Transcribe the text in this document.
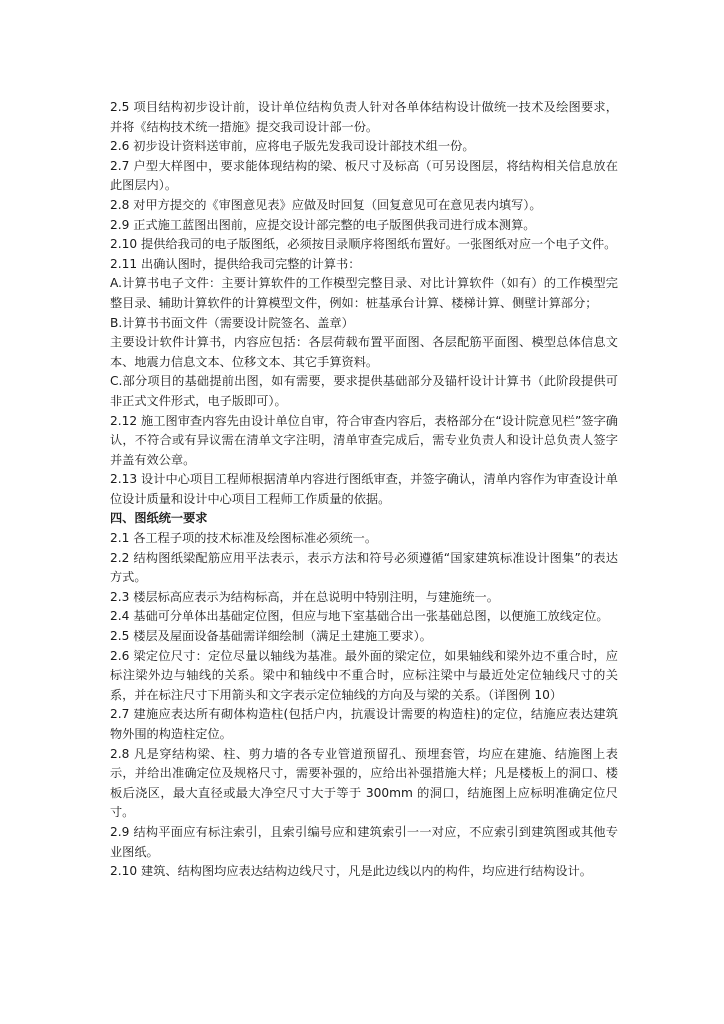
2.5 项目结构初步设计前，设计单位结构负责人针对各单体结构设计做统一技术及绘图要求，并将《结构技术统一措施》提交我司设计部一份。

2.6 初步设计资料送审前，应将电子版先发我司设计部技术组一份。

2.7 户型大样图中，要求能体现结构的梁、板尺寸及标高（可另设图层，将结构相关信息放在此图层内）。

2.8 对甲方提交的《审图意见表》应做及时回复（回复意见可在意见表内填写）。

2.9 正式施工蓝图出图前，应提交设计部完整的电子版图供我司进行成本测算。

2.10 提供给我司的电子版图纸，必须按目录顺序将图纸布置好。一张图纸对应一个电子文件。

2.11 出确认图时，提供给我司完整的计算书：

A.计算书电子文件：主要计算软件的工作模型完整目录、对比计算软件（如有）的工作模型完整目录、辅助计算软件的计算模型文件，例如：桩基承台计算、楼梯计算、侧壁计算部分；

B.计算书书面文件（需要设计院签名、盖章）

主要设计软件计算书，内容应包括：各层荷载布置平面图、各层配筋平面图、模型总体信息文本、地震力信息文本、位移文本、其它手算资料。

C.部分项目的基础提前出图，如有需要，要求提供基础部分及锚杆设计计算书（此阶段提供可非正式文件形式，电子版即可）。

2.12 施工图审查内容先由设计单位自审，符合审查内容后，表格部分在“设计院意见栏”签字确认，不符合或有异议需在清单文字注明，清单审查完成后，需专业负责人和设计总负责人签字并盖有效公章。

2.13 设计中心项目工程师根据清单内容进行图纸审查，并签字确认，清单内容作为审查设计单位设计质量和设计中心项目工程师工作质量的依据。

四、图纸统一要求

2.1 各工程子项的技术标准及绘图标准必须统一。

2.2 结构图纸梁配筋应用平法表示，表示方法和符号必须遵循“国家建筑标准设计图集”的表达方式。

2.3 楼层标高应表示为结构标高，并在总说明中特别注明，与建施统一。

2.4 基础可分单体出基础定位图，但应与地下室基础合出一张基础总图，以便施工放线定位。

2.5 楼层及屋面设备基础需详细绘制（满足土建施工要求）。

2.6 梁定位尺寸：定位尽量以轴线为基准。最外面的梁定位，如果轴线和梁外边不重合时，应标注梁外边与轴线的关系。梁中和轴线中不重合时，应标注梁中与最近处定位轴线尺寸的关系，并在标注尺寸下用箭头和文字表示定位轴线的方向及与梁的关系。（详图例 10）

2.7 建施应表达所有砌体构造柱(包括户内，抗震设计需要的构造柱)的定位，结施应表达建筑物外围的构造柱定位。

2.8 凡是穿结构梁、柱、剪力墙的各专业管道预留孔、预埋套管，均应在建施、结施图上表示，并给出准确定位及规格尺寸，需要补强的，应给出补强措施大样；凡是楼板上的洞口、楼板后浇区，最大直径或最大净空尺寸大于等于 300mm 的洞口，结施图上应标明准确定位尺寸。

2.9 结构平面应有标注索引，且索引编号应和建筑索引一一对应，不应索引到建筑图或其他专业图纸。

2.10 建筑、结构图均应表达结构边线尺寸，凡是此边线以内的构件，均应进行结构设计。
